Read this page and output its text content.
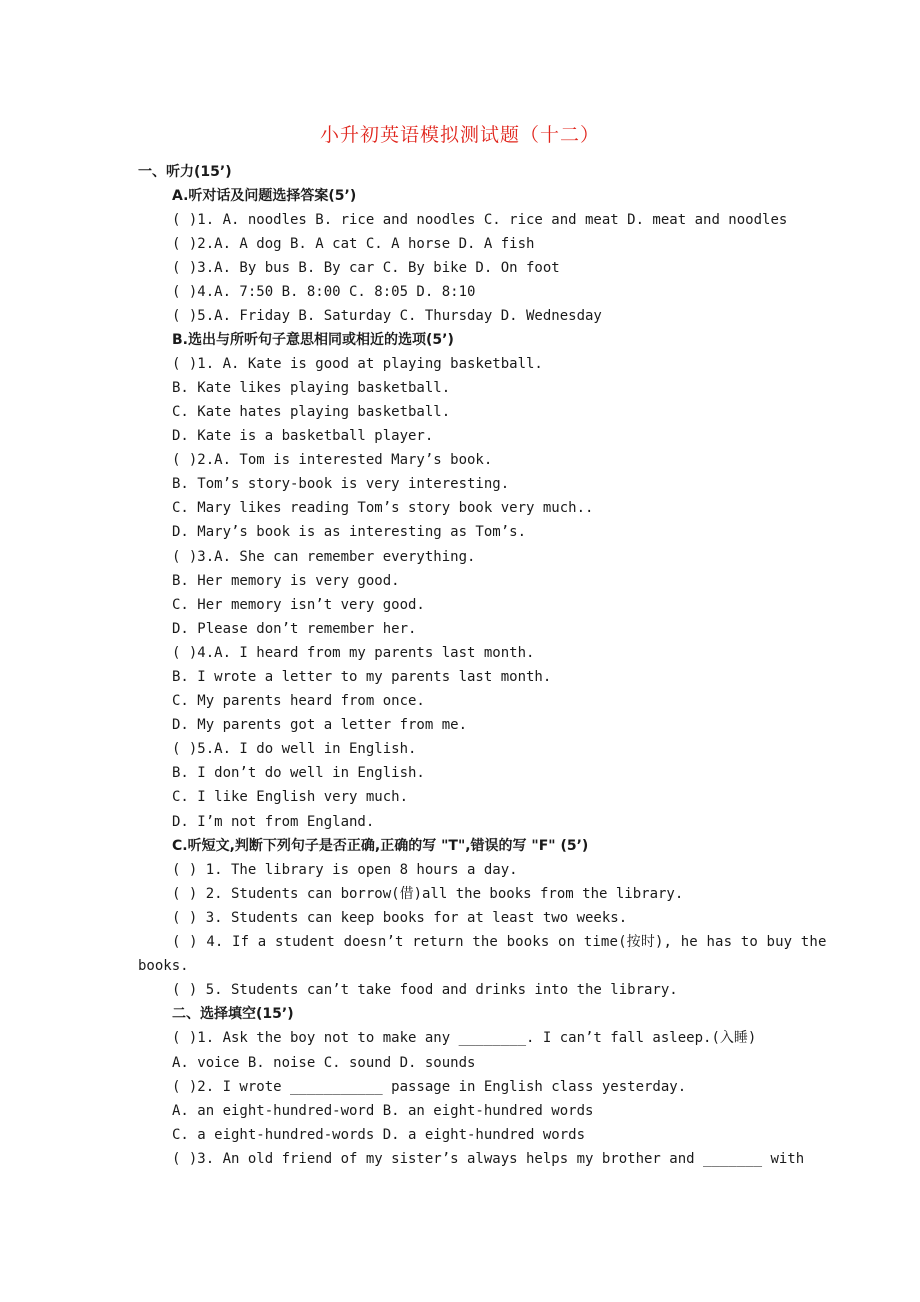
小升初英语模拟测试题（十二）
一、听力(15’)
A.听对话及问题选择答案(5’)
( )1. A. noodles B. rice and noodles C. rice and meat D. meat and noodles
( )2.A. A dog B. A cat C. A horse D. A fish
( )3.A. By bus B. By car C. By bike D. On foot
( )4.A. 7:50 B. 8:00 C. 8:05 D. 8:10
( )5.A. Friday B. Saturday C. Thursday D. Wednesday
B.选出与所听句子意思相同或相近的选项(5’)
( )1. A. Kate is good at playing basketball.
B. Kate likes playing basketball.
C. Kate hates playing basketball.
D. Kate is a basketball player.
( )2.A. Tom is interested Mary’s book.
B. Tom’s story-book is very interesting.
C. Mary likes reading Tom’s story book very much..
D. Mary’s book is as interesting as Tom’s.
( )3.A. She can remember everything.
B. Her memory is very good.
C. Her memory isn’t very good.
D. Please don’t remember her.
( )4.A. I heard from my parents last month.
B. I wrote a letter to my parents last month.
C. My parents heard from once.
D. My parents got a letter from me.
( )5.A. I do well in English.
B. I don’t do well in English.
C. I like English very much.
D. I’m not from England.
C.听短文,判断下列句子是否正确,正确的写 "T",错误的写 "F" (5’)
( ) 1. The library is open 8 hours a day.
( ) 2. Students can borrow(借)all the books from the library.
( ) 3. Students can keep books for at least two weeks.
( ) 4. If a student doesn’t return the books on time(按时), he has to buy the
books.
( ) 5. Students can’t take food and drinks into the library.
二、选择填空(15’)
( )1. Ask the boy not to make any ________. I can’t fall asleep.(入睡)
A. voice B. noise C. sound D. sounds
( )2. I wrote ___________ passage in English class yesterday.
A. an eight-hundred-word B. an eight-hundred words
C. a eight-hundred-words D. a eight-hundred words
( )3. An old friend of my sister’s always helps my brother and _______ with
